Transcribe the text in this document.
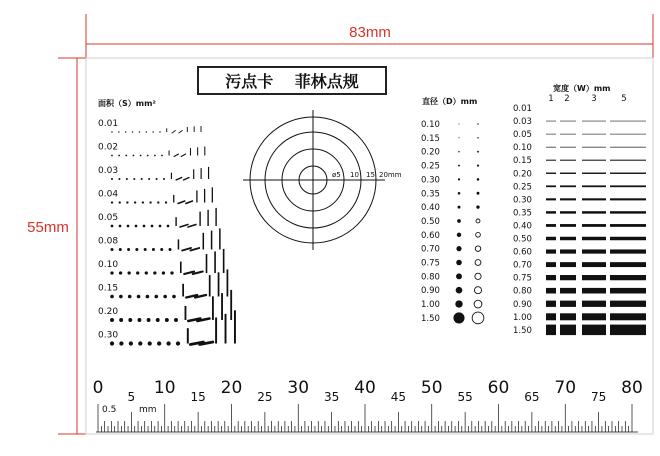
83mm
55mm
污点卡　 菲林点规
面积（S）mm²
0.01
0.02
0.03
0.04
0.05
0.08
0.10
0.15
0.20
0.30
ø5 10 15 20mm
直径（D）mm
0.10
0.15
0.20
0.25
0.30
0.35
0.40
0.50
0.60
0.70
0.75
0.80
0.90
1.00
1.50
宽度（W）mm
1 2	3	5
0.01
0.03
0.05
0.10
0.15
0.20
0.25
0.30
0.35
0.40
0.50
0.60
0.70
0.75
0.80
0.90
1.00
1.50
0	10	20	30	40	50	60	70	80
5	15	25	35	45	55	65	75
0.5	mm
